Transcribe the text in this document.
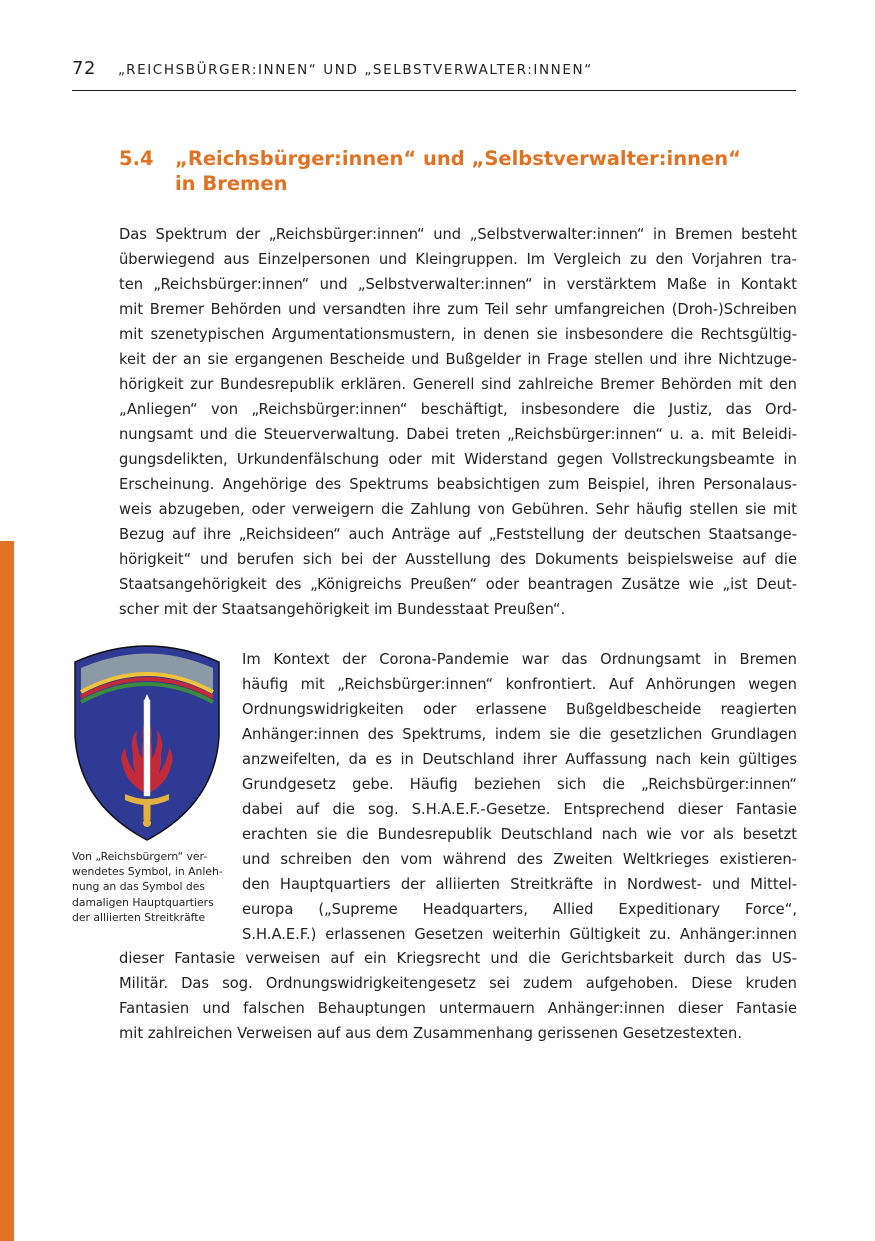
72 „REICHSBÜRGER:INNEN“ UND „SELBSTVERWALTER:INNEN“
5.4 „Reichsbürger:innen“ und „Selbstverwalter:innen“
in Bremen
Das Spektrum der „Reichsbürger:innen“ und „Selbstverwalter:innen“ in Bremen besteht
überwiegend aus Einzelpersonen und Kleingruppen. Im Vergleich zu den Vorjahren tra-
ten „Reichsbürger:innen“ und „Selbstverwalter:innen“ in verstärktem Maße in Kontakt
mit Bremer Behörden und versandten ihre zum Teil sehr umfangreichen (Droh-)Schreiben
mit szenetypischen Argumentationsmustern, in denen sie insbesondere die Rechtsgültig-
keit der an sie ergangenen Bescheide und Bußgelder in Frage stellen und ihre Nichtzuge-
hörigkeit zur Bundesrepublik erklären. Generell sind zahlreiche Bremer Behörden mit den
„Anliegen“ von „Reichsbürger:innen“ beschäftigt, insbesondere die Justiz, das Ord-
nungsamt und die Steuerverwaltung. Dabei treten „Reichsbürger:innen“ u. a. mit Beleidi-
gungsdelikten, Urkundenfälschung oder mit Widerstand gegen Vollstreckungsbeamte in
Erscheinung. Angehörige des Spektrums beabsichtigen zum Beispiel, ihren Personalaus-
weis abzugeben, oder verweigern die Zahlung von Gebühren. Sehr häufig stellen sie mit
Bezug auf ihre „Reichsideen“ auch Anträge auf „Feststellung der deutschen Staatsange-
hörigkeit“ und berufen sich bei der Ausstellung des Dokuments beispielsweise auf die
Staatsangehörigkeit des „Königreichs Preußen“ oder beantragen Zusätze wie „ist Deut-
scher mit der Staatsangehörigkeit im Bundesstaat Preußen“.
Von „Reichsbürgern“ ver-
wendetes Symbol, in Anleh-
nung an das Symbol des
damaligen Hauptquartiers
der alliierten Streitkräfte
Im Kontext der Corona-Pandemie war das Ordnungsamt in Bremen
häufig mit „Reichsbürger:innen“ konfrontiert. Auf Anhörungen wegen
Ordnungswidrigkeiten oder erlassene Bußgeldbescheide reagierten
Anhänger:innen des Spektrums, indem sie die gesetzlichen Grundlagen
anzweifelten, da es in Deutschland ihrer Auffassung nach kein gültiges
Grundgesetz gebe. Häufig beziehen sich die „Reichsbürger:innen“
dabei auf die sog. S.H.A.E.F.-Gesetze. Entsprechend dieser Fantasie
erachten sie die Bundesrepublik Deutschland nach wie vor als besetzt
und schreiben den vom während des Zweiten Weltkrieges existieren-
den Hauptquartiers der alliierten Streitkräfte in Nordwest- und Mittel-
europa („Supreme Headquarters, Allied Expeditionary Force“,
S.H.A.E.F.) erlassenen Gesetzen weiterhin Gültigkeit zu. Anhänger:innen
dieser Fantasie verweisen auf ein Kriegsrecht und die Gerichtsbarkeit durch das US-
Militär. Das sog. Ordnungswidrigkeitengesetz sei zudem aufgehoben. Diese kruden
Fantasien und falschen Behauptungen untermauern Anhänger:innen dieser Fantasie
mit zahlreichen Verweisen auf aus dem Zusammenhang gerissenen Gesetzestexten.
